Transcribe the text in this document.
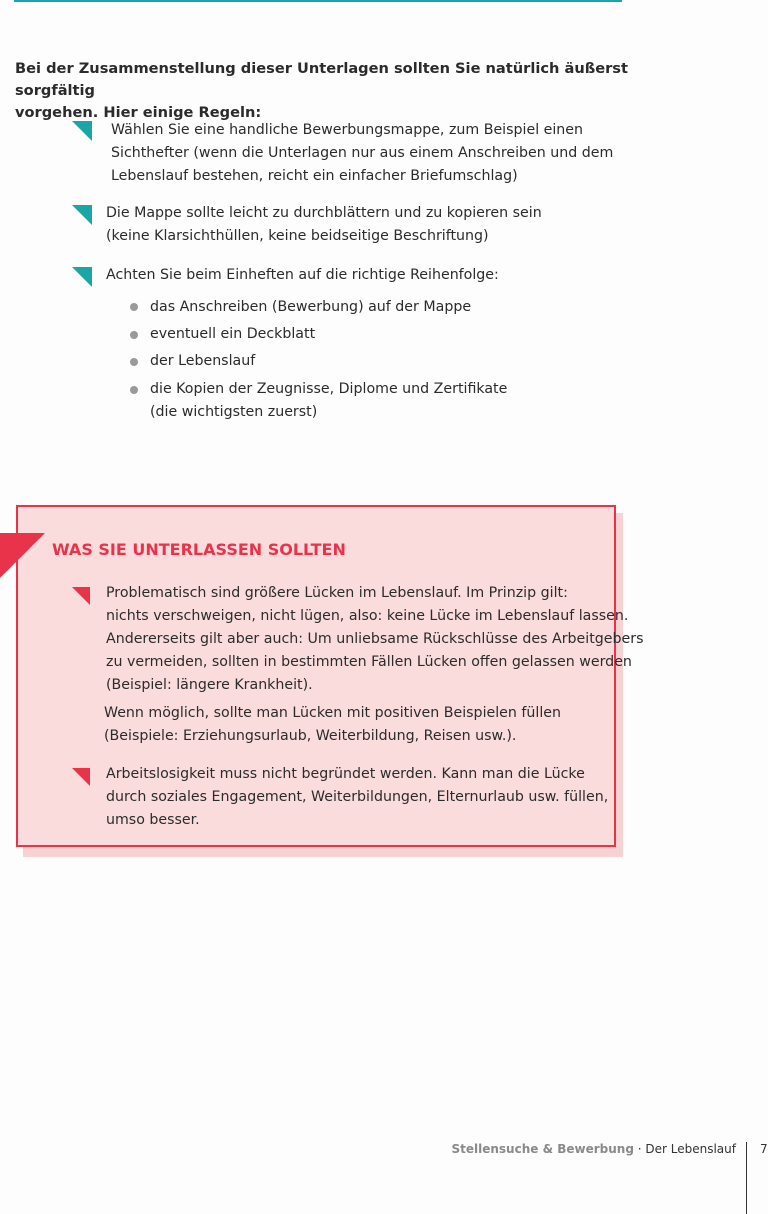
Bei der Zusammenstellung dieser Unterlagen sollten Sie natürlich äußerst sorgfältig
vorgehen. Hier einige Regeln:
Wählen Sie eine handliche Bewerbungsmappe, zum Beispiel einen
Sichthefter (wenn die Unterlagen nur aus einem Anschreiben und dem
Lebenslauf bestehen, reicht ein einfacher Briefumschlag)
Die Mappe sollte leicht zu durchblättern und zu kopieren sein
(keine Klarsichthüllen, keine beidseitige Beschriftung)
Achten Sie beim Einheften auf die richtige Reihenfolge:
das Anschreiben (Bewerbung) auf der Mappe
eventuell ein Deckblatt
der Lebenslauf
die Kopien der Zeugnisse, Diplome und Zertifikate
(die wichtigsten zuerst)
WAS SIE UNTERLASSEN SOLLTEN
Problematisch sind größere Lücken im Lebenslauf. Im Prinzip gilt:
nichts verschweigen, nicht lügen, also: keine Lücke im Lebenslauf lassen.
Andererseits gilt aber auch: Um unliebsame Rückschlüsse des Arbeitgebers
zu vermeiden, sollten in bestimmten Fällen Lücken offen gelassen werden
(Beispiel: längere Krankheit).
Wenn möglich, sollte man Lücken mit positiven Beispielen füllen
(Beispiele: Erziehungsurlaub, Weiterbildung, Reisen usw.).
Arbeitslosigkeit muss nicht begründet werden. Kann man die Lücke
durch soziales Engagement, Weiterbildungen, Elternurlaub usw. füllen,
umso besser.
Stellensuche & Bewerbung · Der Lebenslauf 7
